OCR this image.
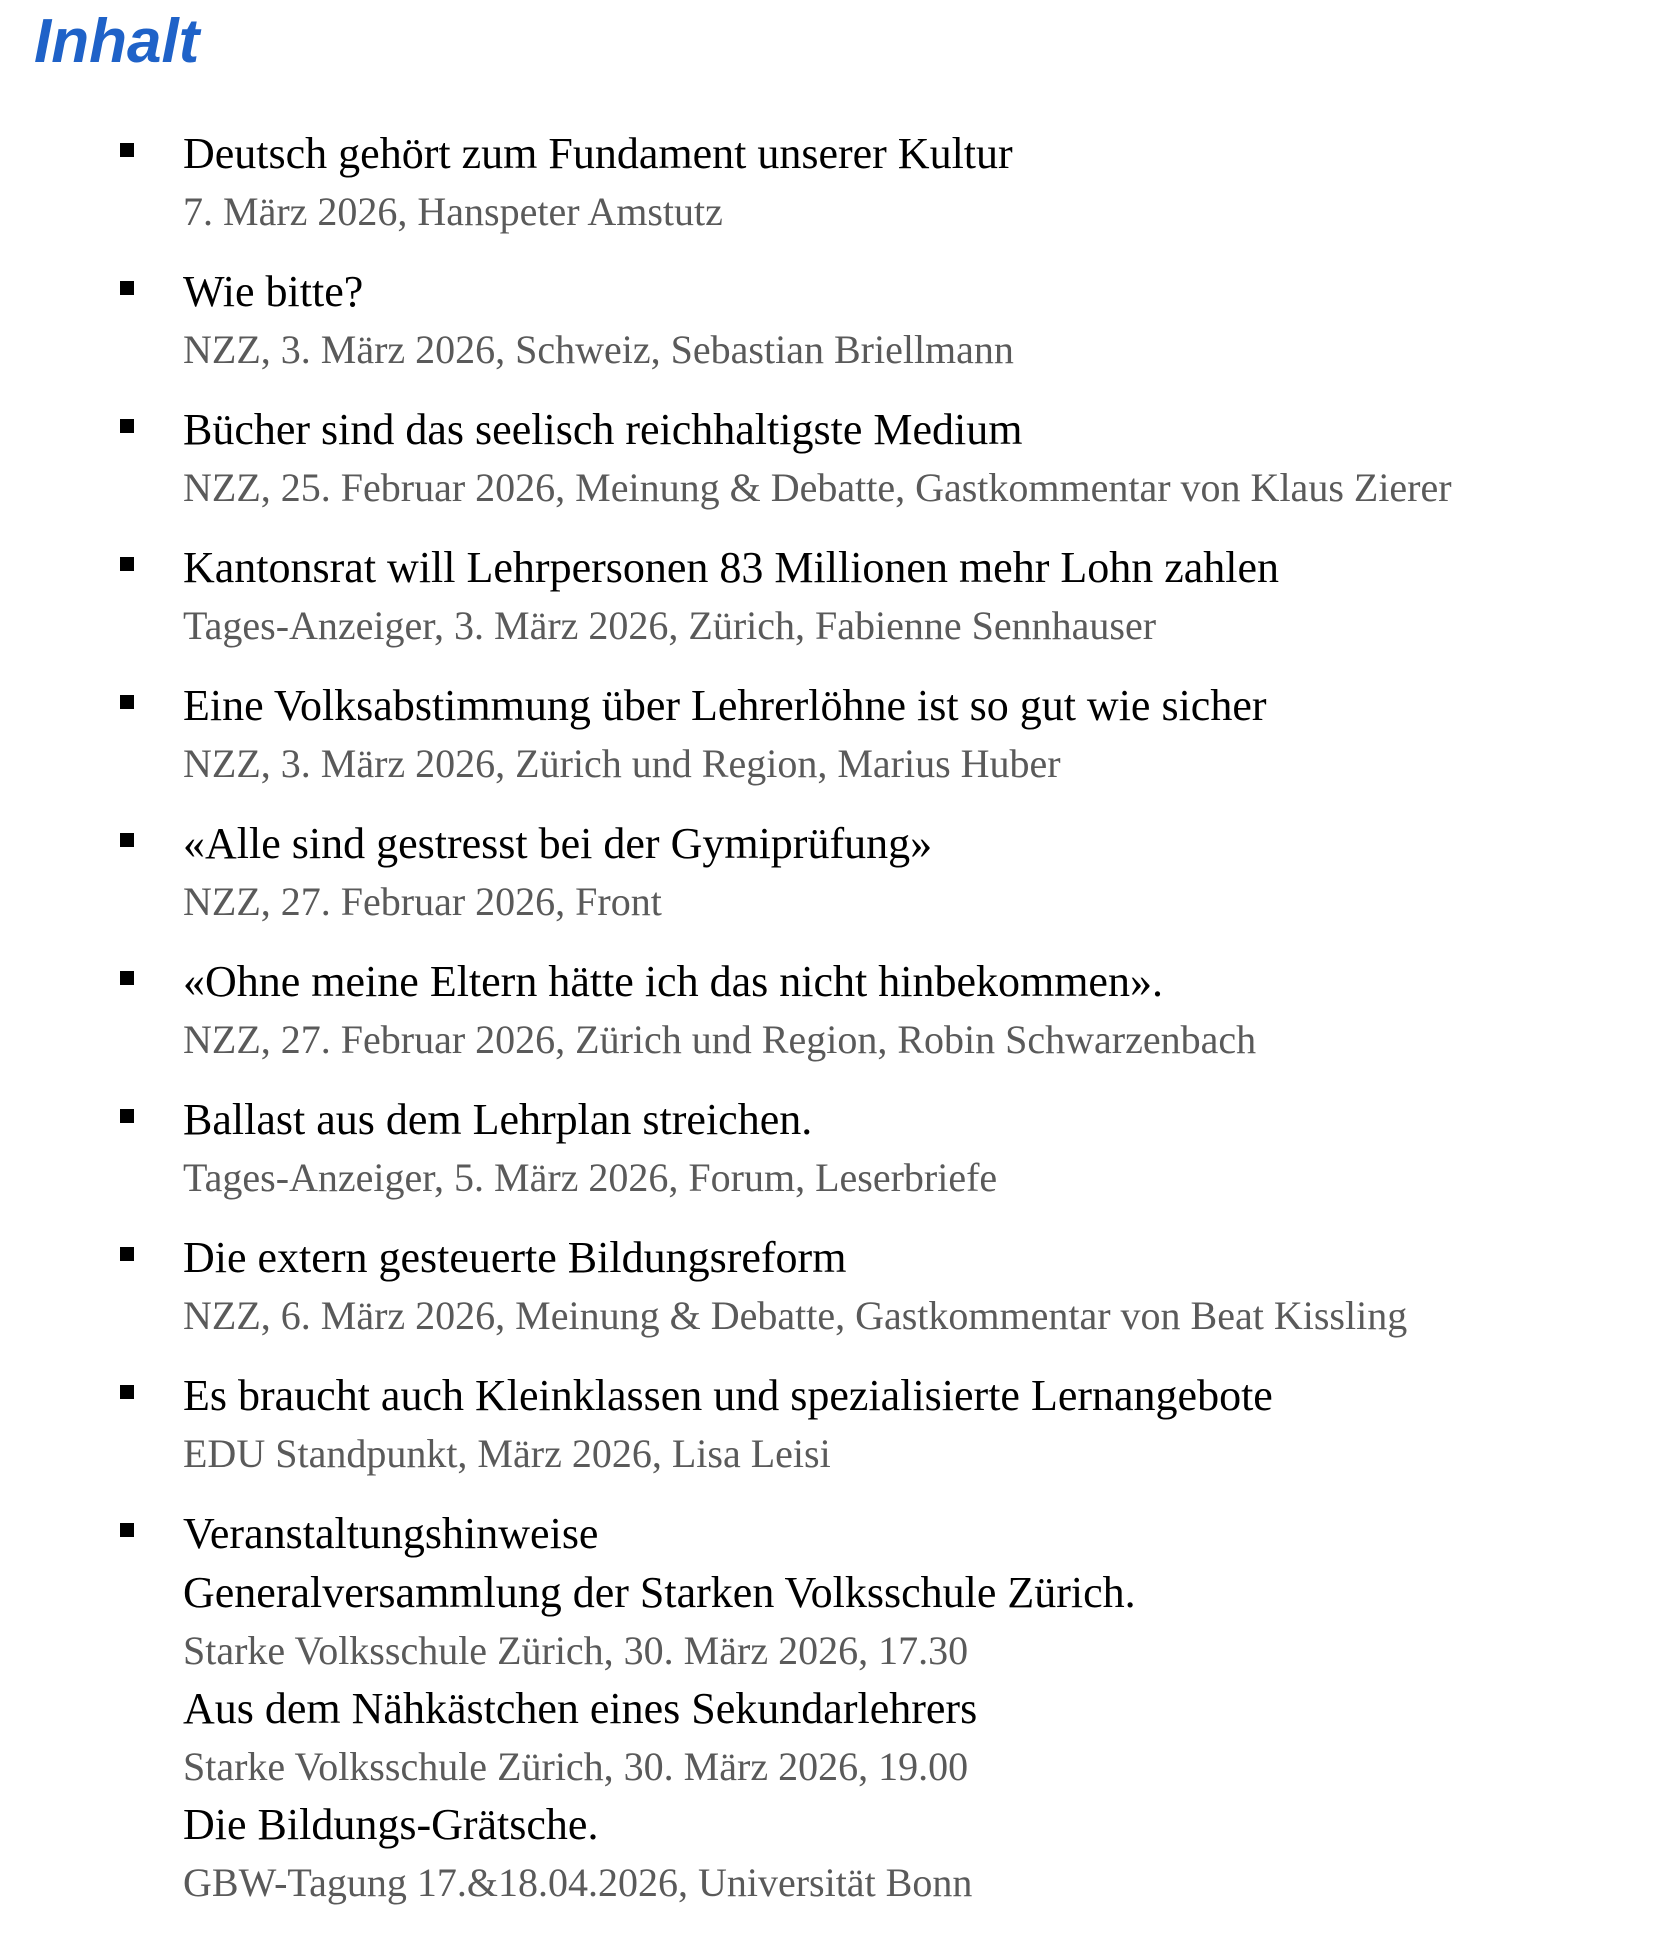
Inhalt
Deutsch gehört zum Fundament unserer Kultur
7. März 2026, Hanspeter Amstutz
Wie bitte?
NZZ, 3. März 2026, Schweiz, Sebastian Briellmann
Bücher sind das seelisch reichhaltigste Medium
NZZ, 25. Februar 2026, Meinung & Debatte, Gastkommentar von Klaus Zierer
Kantonsrat will Lehrpersonen 83 Millionen mehr Lohn zahlen
Tages-Anzeiger, 3. März 2026, Zürich, Fabienne Sennhauser
Eine Volksabstimmung über Lehrerlöhne ist so gut wie sicher
NZZ, 3. März 2026, Zürich und Region, Marius Huber
«Alle sind gestresst bei der Gymiprüfung»
NZZ, 27. Februar 2026, Front
«Ohne meine Eltern hätte ich das nicht hinbekommen».
NZZ, 27. Februar 2026, Zürich und Region, Robin Schwarzenbach
Ballast aus dem Lehrplan streichen.
Tages-Anzeiger, 5. März 2026, Forum, Leserbriefe
Die extern gesteuerte Bildungsreform
NZZ, 6. März 2026, Meinung & Debatte, Gastkommentar von Beat Kissling
Es braucht auch Kleinklassen und spezialisierte Lernangebote
EDU Standpunkt, März 2026, Lisa Leisi
Veranstaltungshinweise
Generalversammlung der Starken Volksschule Zürich.
Starke Volksschule Zürich, 30. März 2026, 17.30
Aus dem Nähkästchen eines Sekundarlehrers
Starke Volksschule Zürich, 30. März 2026, 19.00
Die Bildungs-Grätsche.
GBW-Tagung 17.&18.04.2026, Universität Bonn
